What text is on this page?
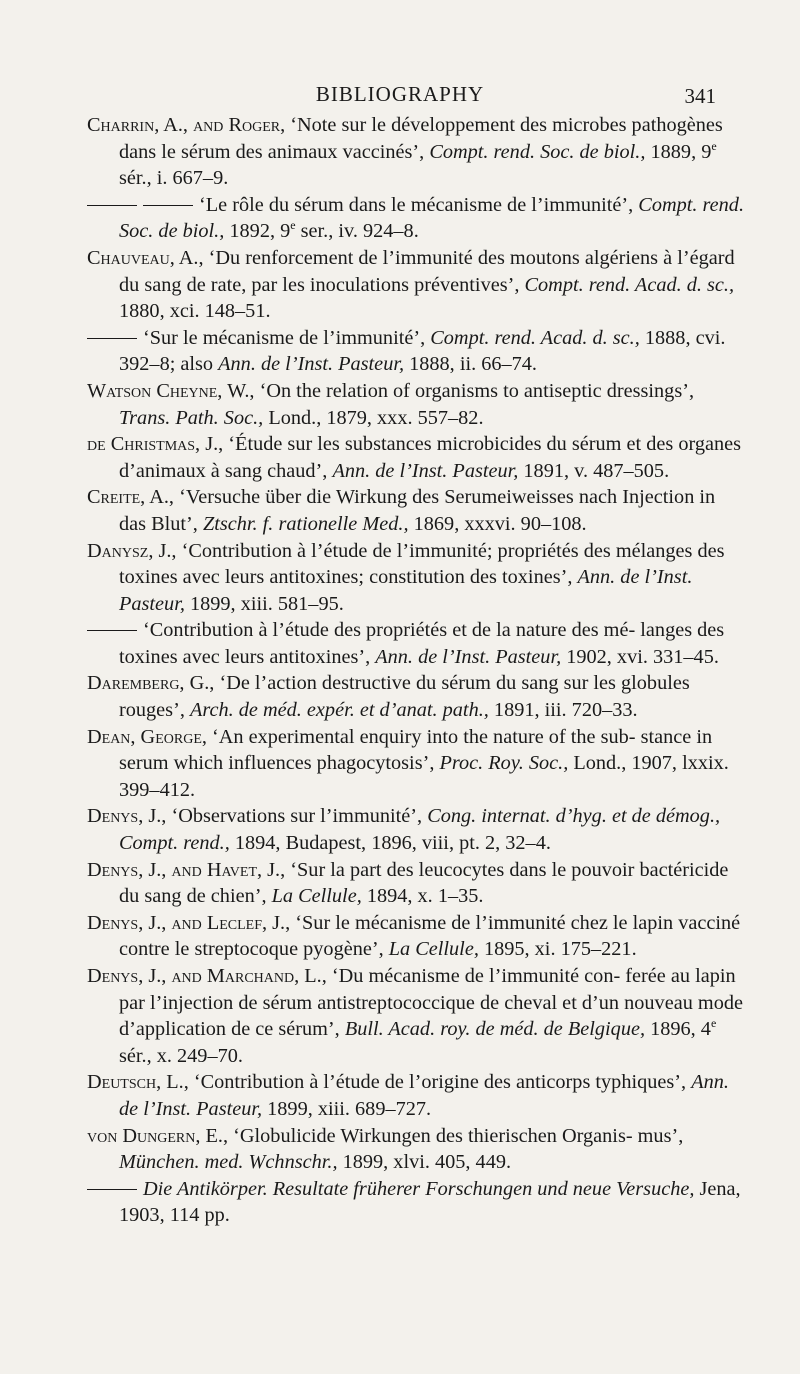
BIBLIOGRAPHY	341

Charrin, A., and Roger, ‘Note sur le développement des microbes pathogènes dans le sérum des animaux vaccinés’, Compt. rend. Soc. de biol., 1889, 9e sér., i. 667–9.

‘Le rôle du sérum dans le mécanisme de l’immunité’, Compt. rend. Soc. de biol., 1892, 9e ser., iv. 924–8.

Chauveau, A., ‘Du renforcement de l’immunité des moutons algériens à l’égard du sang de rate, par les inoculations préventives’, Compt. rend. Acad. d. sc., 1880, xci. 148–51.

‘Sur le mécanisme de l’immunité’, Compt. rend. Acad. d. sc., 1888, cvi. 392–8; also Ann. de l’Inst. Pasteur, 1888, ii. 66–74.

Watson Cheyne, W., ‘On the relation of organisms to antiseptic dressings’, Trans. Path. Soc., Lond., 1879, xxx. 557–82.

de Christmas, J., ‘Étude sur les substances microbicides du sérum et des organes d’animaux à sang chaud’, Ann. de l’Inst. Pasteur, 1891, v. 487–505.

Creite, A., ‘Versuche über die Wirkung des Serumeiweisses nach Injection in das Blut’, Ztschr. f. rationelle Med., 1869, xxxvi. 90–108.

Danysz, J., ‘Contribution à l’étude de l’immunité; propriétés des mélanges des toxines avec leurs antitoxines; constitution des toxines’, Ann. de l’Inst. Pasteur, 1899, xiii. 581–95.

‘Contribution à l’étude des propriétés et de la nature des mé- langes des toxines avec leurs antitoxines’, Ann. de l’Inst. Pasteur, 1902, xvi. 331–45.

Daremberg, G., ‘De l’action destructive du sérum du sang sur les globules rouges’, Arch. de méd. expér. et d’anat. path., 1891, iii. 720–33.

Dean, George, ‘An experimental enquiry into the nature of the sub- stance in serum which influences phagocytosis’, Proc. Roy. Soc., Lond., 1907, lxxix. 399–412.

Denys, J., ‘Observations sur l’immunité’, Cong. internat. d’hyg. et de démog., Compt. rend., 1894, Budapest, 1896, viii, pt. 2, 32–4.

Denys, J., and Havet, J., ‘Sur la part des leucocytes dans le pouvoir bactéricide du sang de chien’, La Cellule, 1894, x. 1–35.

Denys, J., and Leclef, J., ‘Sur le mécanisme de l’immunité chez le lapin vacciné contre le streptocoque pyogène’, La Cellule, 1895, xi. 175–221.

Denys, J., and Marchand, L., ‘Du mécanisme de l’immunité con- ferée au lapin par l’injection de sérum antistreptococcique de cheval et d’un nouveau mode d’application de ce sérum’, Bull. Acad. roy. de méd. de Belgique, 1896, 4e sér., x. 249–70.

Deutsch, L., ‘Contribution à l’étude de l’origine des anticorps typhiques’, Ann. de l’Inst. Pasteur, 1899, xiii. 689–727.

von Dungern, E., ‘Globulicide Wirkungen des thierischen Organis- mus’, München. med. Wchnschr., 1899, xlvi. 405, 449.

Die Antikörper. Resultate früherer Forschungen und neue Versuche, Jena, 1903, 114 pp.
